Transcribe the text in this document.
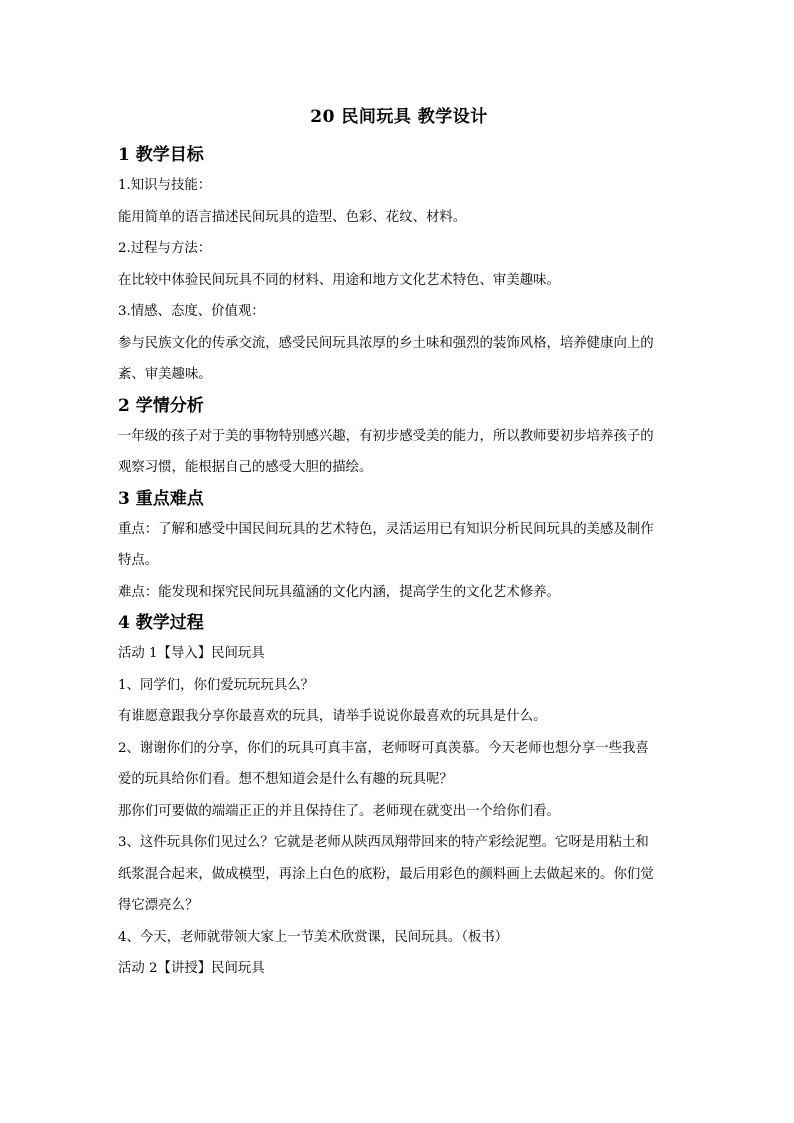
20 民间玩具 教学设计
1 教学目标
1.知识与技能：
能用简单的语言描述民间玩具的造型、色彩、花纹、材料。
2.过程与方法：
在比较中体验民间玩具不同的材料、用途和地方文化艺术特色、审美趣味。
3.情感、态度、价值观：
参与民族文化的传承交流，感受民间玩具浓厚的乡土味和强烈的装饰风格，培养健康向上的
紊、审美趣味。
2 学情分析
一年级的孩子对于美的事物特别感兴趣，有初步感受美的能力，所以教师要初步培养孩子的
观察习惯，能根据自己的感受大胆的描绘。
3 重点难点
重点：了解和感受中国民间玩具的艺术特色，灵活运用已有知识分析民间玩具的美感及制作
特点。
难点：能发现和探究民间玩具蕴涵的文化内涵，提高学生的文化艺术修养。
4 教学过程
活动 1【导入】民间玩具
1、同学们，你们爱玩玩玩具么？
有谁愿意跟我分享你最喜欢的玩具，请举手说说你最喜欢的玩具是什么。
2、谢谢你们的分享，你们的玩具可真丰富，老师呀可真羡慕。今天老师也想分享一些我喜
爱的玩具给你们看。想不想知道会是什么有趣的玩具呢？
那你们可要做的端端正正的并且保持住了。老师现在就变出一个给你们看。
3、这件玩具你们见过么？它就是老师从陕西凤翔带回来的特产彩绘泥塑。它呀是用粘土和
纸浆混合起来，做成模型，再涂上白色的底粉，最后用彩色的颜料画上去做起来的。你们觉
得它漂亮么？
4、今天，老师就带领大家上一节美术欣赏课，民间玩具。（板书）
活动 2【讲授】民间玩具
